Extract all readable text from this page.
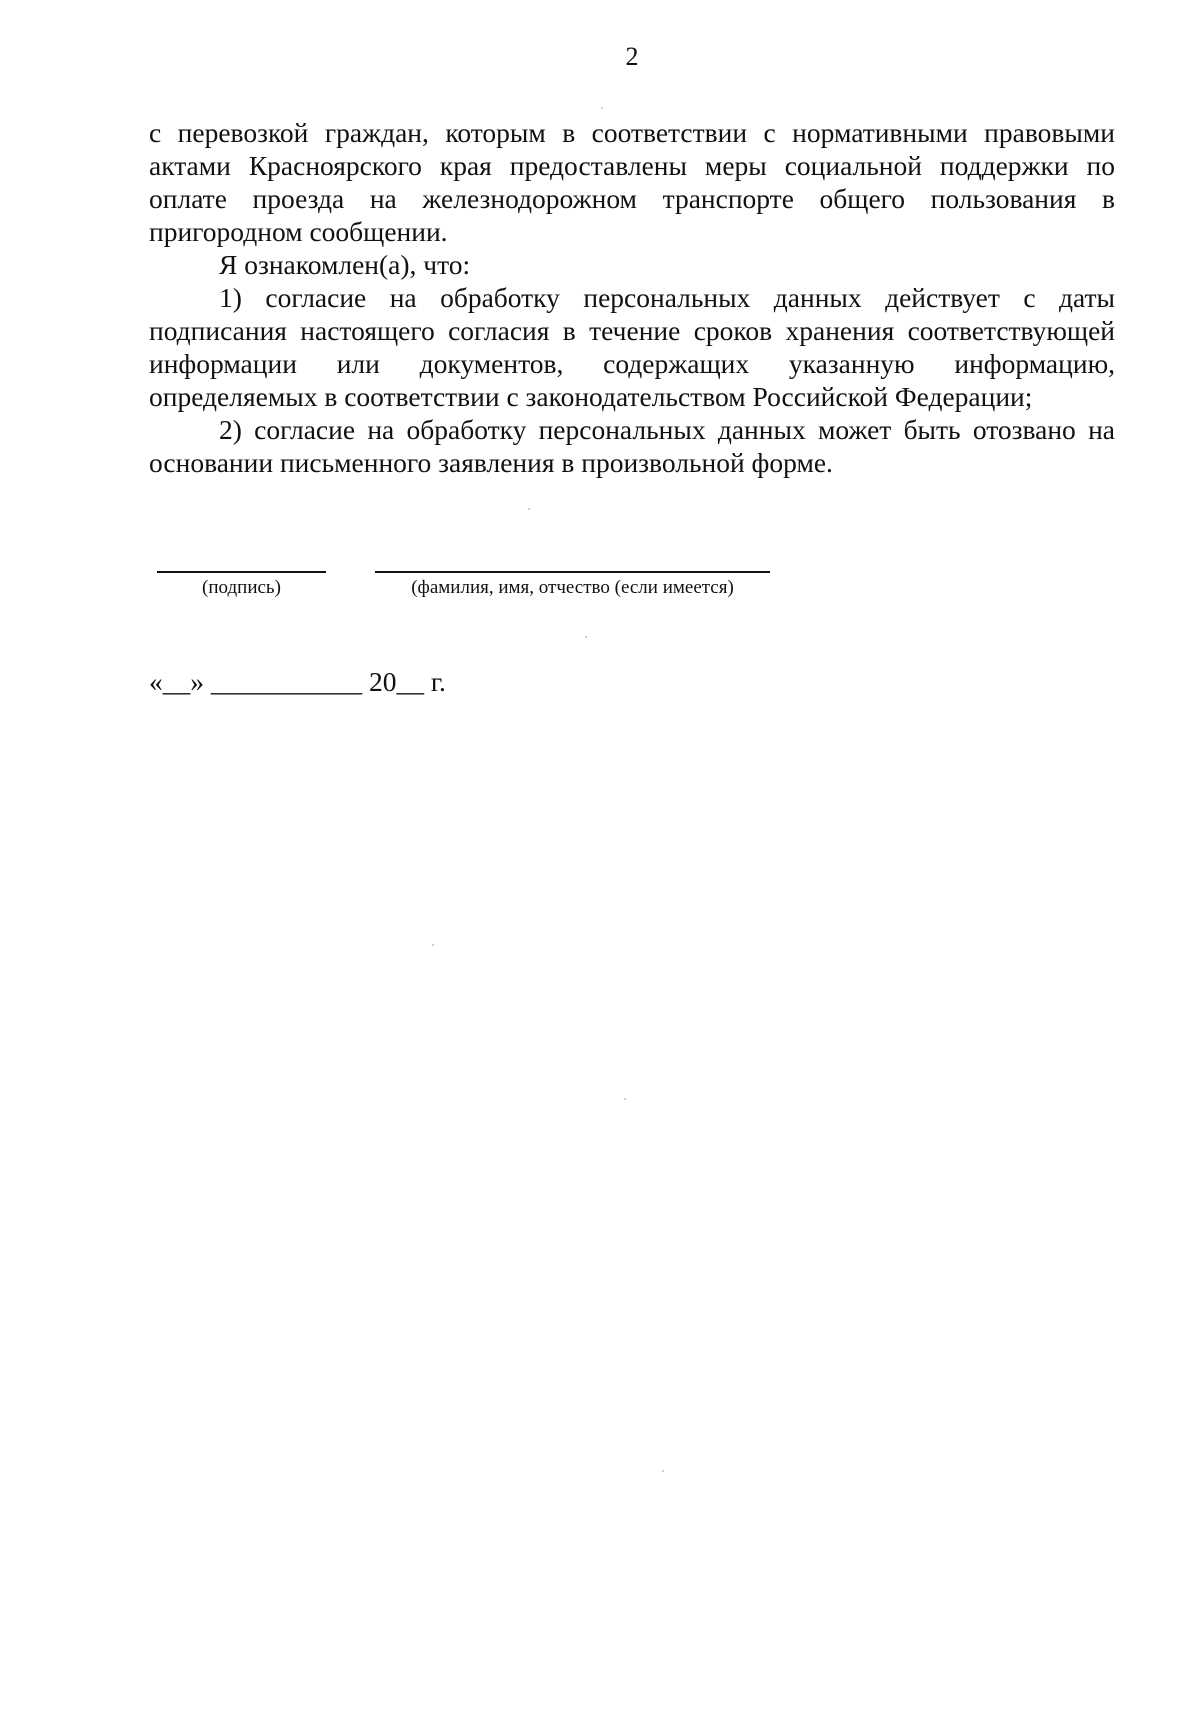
2

с перевозкой граждан, которым в соответствии с нормативными правовыми актами Красноярского края предоставлены меры социальной поддержки по оплате проезда на железнодорожном транспорте общего пользования в пригородном сообщении.

Я ознакомлен(а), что:

1) согласие на обработку персональных данных действует с даты подписания настоящего согласия в течение сроков хранения соответствующей информации или документов, содержащих указанную информацию, определяемых в соответствии с законодательством Российской Федерации;

2) согласие на обработку персональных данных может быть отозвано на основании письменного заявления в произвольной форме.

(подпись)	(фамилия, имя, отчество (если имеется)
«__» ___________ 20__ г.
